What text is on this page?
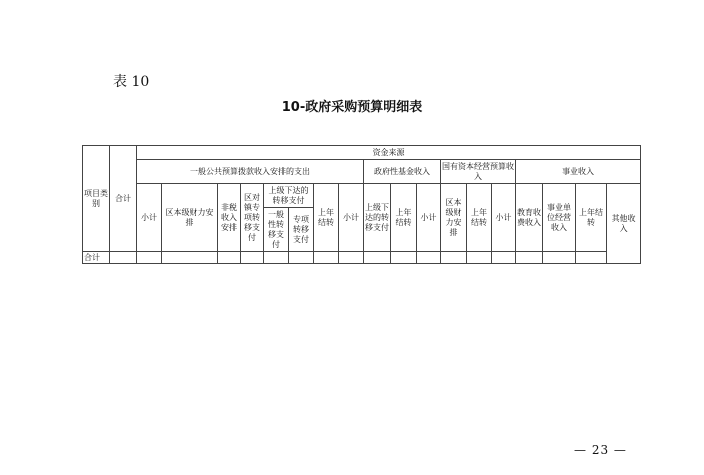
表 10
10-政府采购预算明细表
项目类别	合计	资金来源																		
		一般公共预算拨款收入安排的支出								政府性基金收入			国有资本经营预算收入			事业收入				
		小计	区本级财力安排	非税收入安排	区对镇专项转移支付	上级下达的转移支付		上年结转	小计	上级下达的转移支付	上年结转	小计	区本级财力安排	上年结转	小计	教育收费收入	事业单位经营收入	上年结转	其他收入	

						一般性转移支付	专项转移支付													
合计																				
— 23 —
